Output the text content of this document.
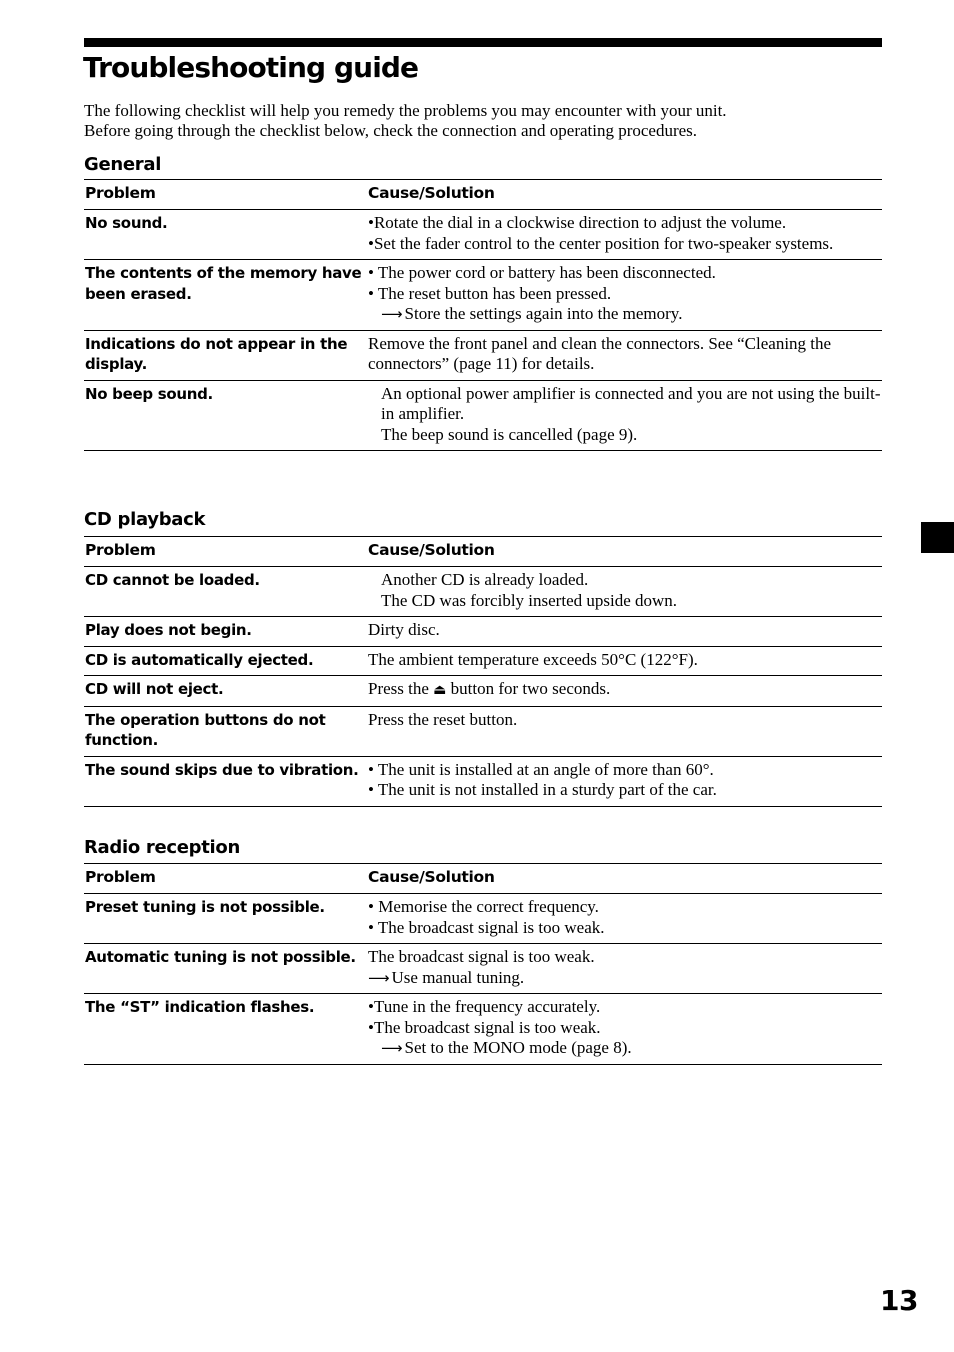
Troubleshooting guide

The following checklist will help you remedy the problems you may encounter with your unit.

Before going through the checklist below, check the connection and operating procedures.

General
Problem	Cause/Solution
No sound.	•Rotate the dial in a clockwise direction to adjust the volume.
•Set the fader control to the center position for two-speaker systems.

The contents of the memory have been erased.	• The power cord or battery has been disconnected.
• The reset button has been pressed.
⟶ Store the settings again into the memory.

Indications do not appear in the display.	Remove the front panel and clean the connectors. See “Cleaning the connectors” (page 11) for details.

No beep sound.	An optional power amplifier is connected and you are not using the built-in amplifier.
The beep sound is cancelled (page 9).
CD playback
Problem	Cause/Solution
CD cannot be loaded.	Another CD is already loaded.
The CD was forcibly inserted upside down.

Play does not begin.	Dirty disc.

CD is automatically ejected.	The ambient temperature exceeds 50°C (122°F).

CD will not eject.	Press the ⏏ button for two seconds.

The operation buttons do not function.	Press the reset button.

The sound skips due to vibration.	• The unit is installed at an angle of more than 60°.
• The unit is not installed in a sturdy part of the car.
Radio reception
Problem	Cause/Solution
Preset tuning is not possible.	• Memorise the correct frequency.
• The broadcast signal is too weak.

Automatic tuning is not possible.	The broadcast signal is too weak.
⟶ Use manual tuning.

The “ST” indication flashes.	•Tune in the frequency accurately.
•The broadcast signal is too weak.
⟶ Set to the MONO mode (page 8).
13
